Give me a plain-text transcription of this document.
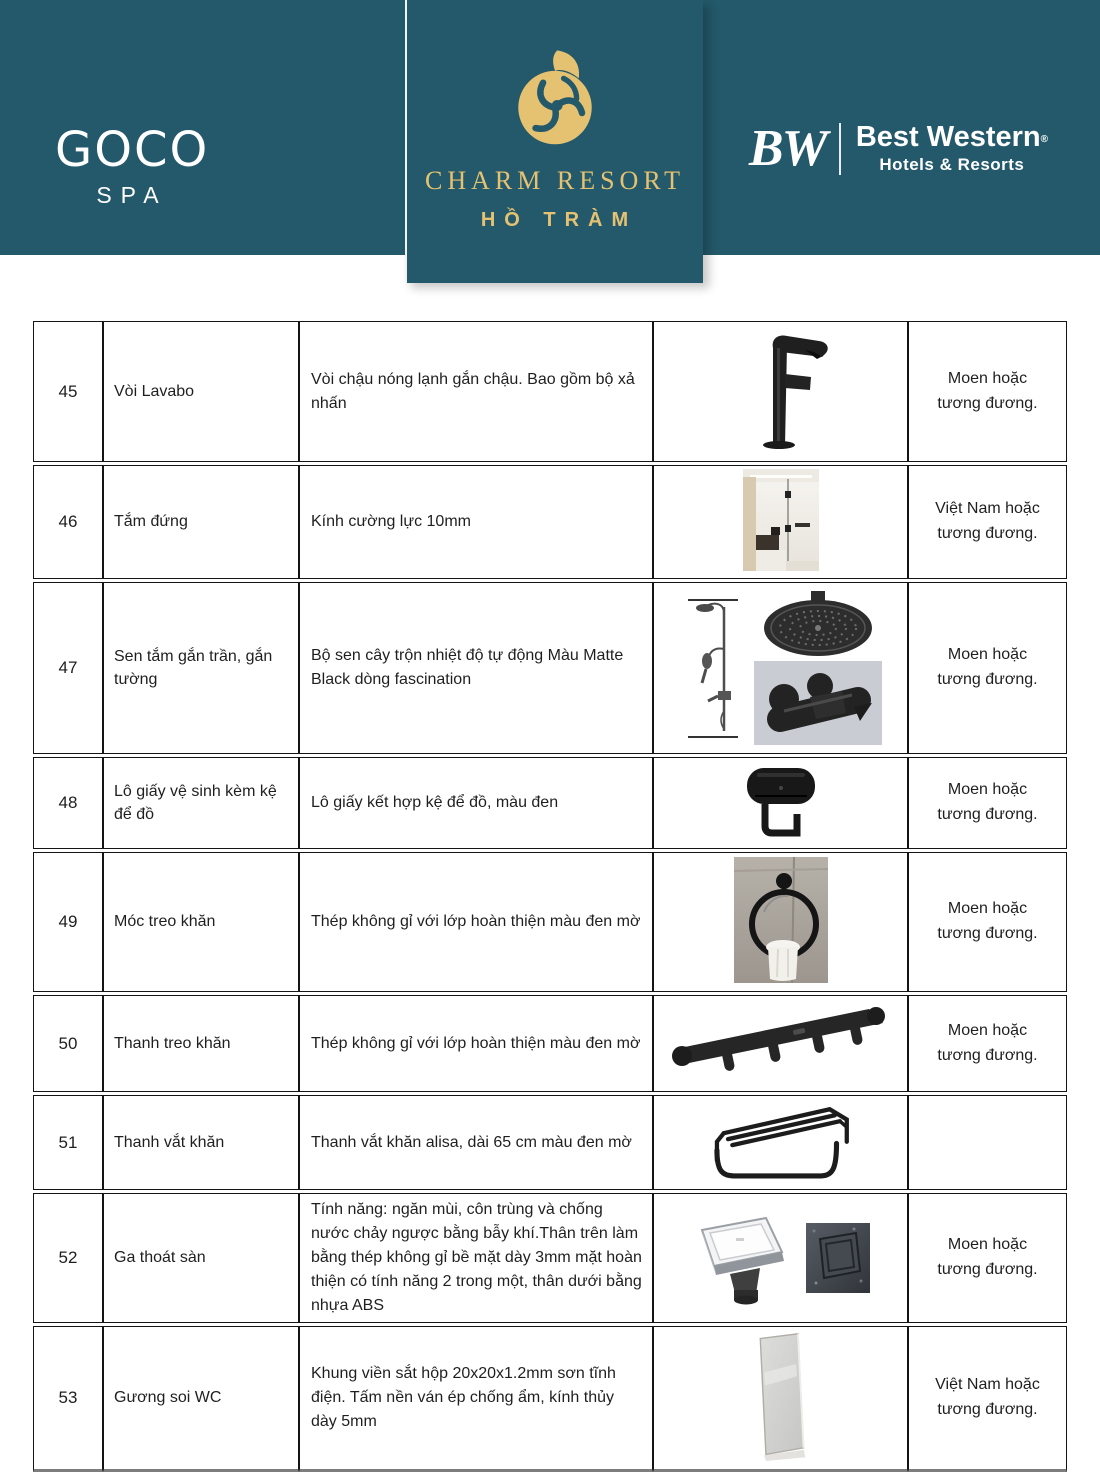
GOCO
SPA	CHARM RESORT
HỒ TRÀM
BW Best Western®
Hotels & Resorts
45	Vòi Lavabo	Vòi chậu nóng lạnh gắn chậu. Bao gồm bộ xả nhấn		Moen hoặc tương đương.
46	Tắm đứng	Kính cường lực 10mm		Việt Nam hoặc tương đương.
47	Sen tắm gắn trần, gắn tường	Bộ sen cây trộn nhiệt độ tự động Màu Matte Black dòng fascination		Moen hoặc tương đương.
48	Lô giấy vệ sinh kèm kệ để đồ	Lô giấy kết hợp kệ để đồ, màu đen		Moen hoặc tương đương.
49	Móc treo khăn	Thép không gỉ với lớp hoàn thiện màu đen mờ		Moen hoặc tương đương.
50	Thanh treo khăn	Thép không gỉ với lớp hoàn thiện màu đen mờ		Moen hoặc tương đương.
51	Thanh vắt khăn	Thanh vắt khăn alisa, dài 65 cm màu đen mờ		
52	Ga thoát sàn	Tính năng: ngăn mùi, côn trùng và chống nước chảy ngược bằng bẫy khí.Thân trên làm bằng thép không gỉ bề mặt dày 3mm mặt hoàn thiện có tính năng 2 trong một, thân dưới bằng nhựa ABS		Moen hoặc tương đương.
53	Gương soi WC	Khung viền sắt hộp 20x20x1.2mm sơn tĩnh điện. Tấm nền ván ép chống ẩm, kính thủy dày 5mm		Việt Nam hoặc tương đương.
